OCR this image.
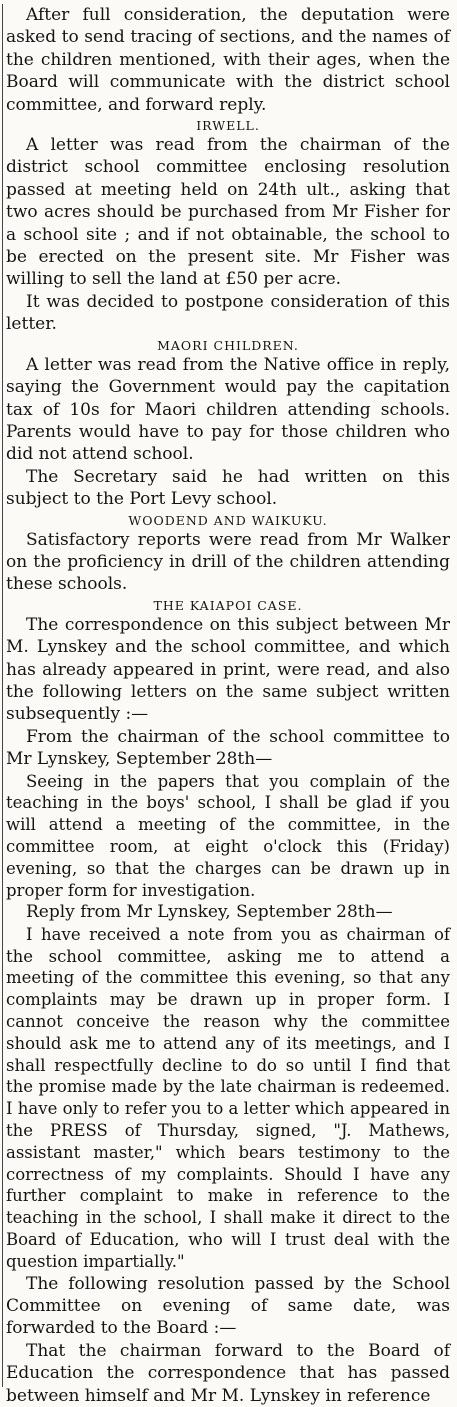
After full consideration, the deputation were asked to send tracing of sections, and the names of the children mentioned, with their ages, when the Board will communicate with the district school committee, and forward reply.

IRWELL.

A letter was read from the chairman of the district school committee enclosing resolution passed at meeting held on 24th ult., asking that two acres should be purchased from Mr Fisher for a school site ; and if not obtainable, the school to be erected on the present site. Mr Fisher was willing to sell the land at £50 per acre.

It was decided to postpone consideration of this letter.

MAORI CHILDREN.

A letter was read from the Native office in reply, saying the Government would pay the capitation tax of 10s for Maori children attending schools. Parents would have to pay for those children who did not attend school.

The Secretary said he had written on this subject to the Port Levy school.

WOODEND AND WAIKUKU.

Satisfactory reports were read from Mr Walker on the proficiency in drill of the children attending these schools.

THE KAIAPOI CASE.

The correspondence on this subject between Mr M. Lynskey and the school committee, and which has already appeared in print, were read, and also the following letters on the same subject written subsequently :—

From the chairman of the school committee to Mr Lynskey, September 28th—

Seeing in the papers that you complain of the teaching in the boys' school, I shall be glad if you will attend a meeting of the committee, in the committee room, at eight o'clock this (Friday) evening, so that the charges can be drawn up in proper form for investigation.

Reply from Mr Lynskey, September 28th—

I have received a note from you as chairman of the school committee, asking me to attend a meeting of the committee this evening, so that any complaints may be drawn up in proper form. I cannot conceive the reason why the committee should ask me to attend any of its meetings, and I shall respectfully decline to do so until I find that the promise made by the late chairman is redeemed. I have only to refer you to a letter which appeared in the PRESS of Thursday, signed, "J. Mathews, assistant master," which bears testimony to the correctness of my complaints. Should I have any further complaint to make in reference to the teaching in the school, I shall make it direct to the Board of Education, who will I trust deal with the question impartially."

The following resolution passed by the School Committee on evening of same date, was forwarded to the Board :—

That the chairman forward to the Board of Education the correspondence that has passed between himself and Mr M. Lynskey in reference
